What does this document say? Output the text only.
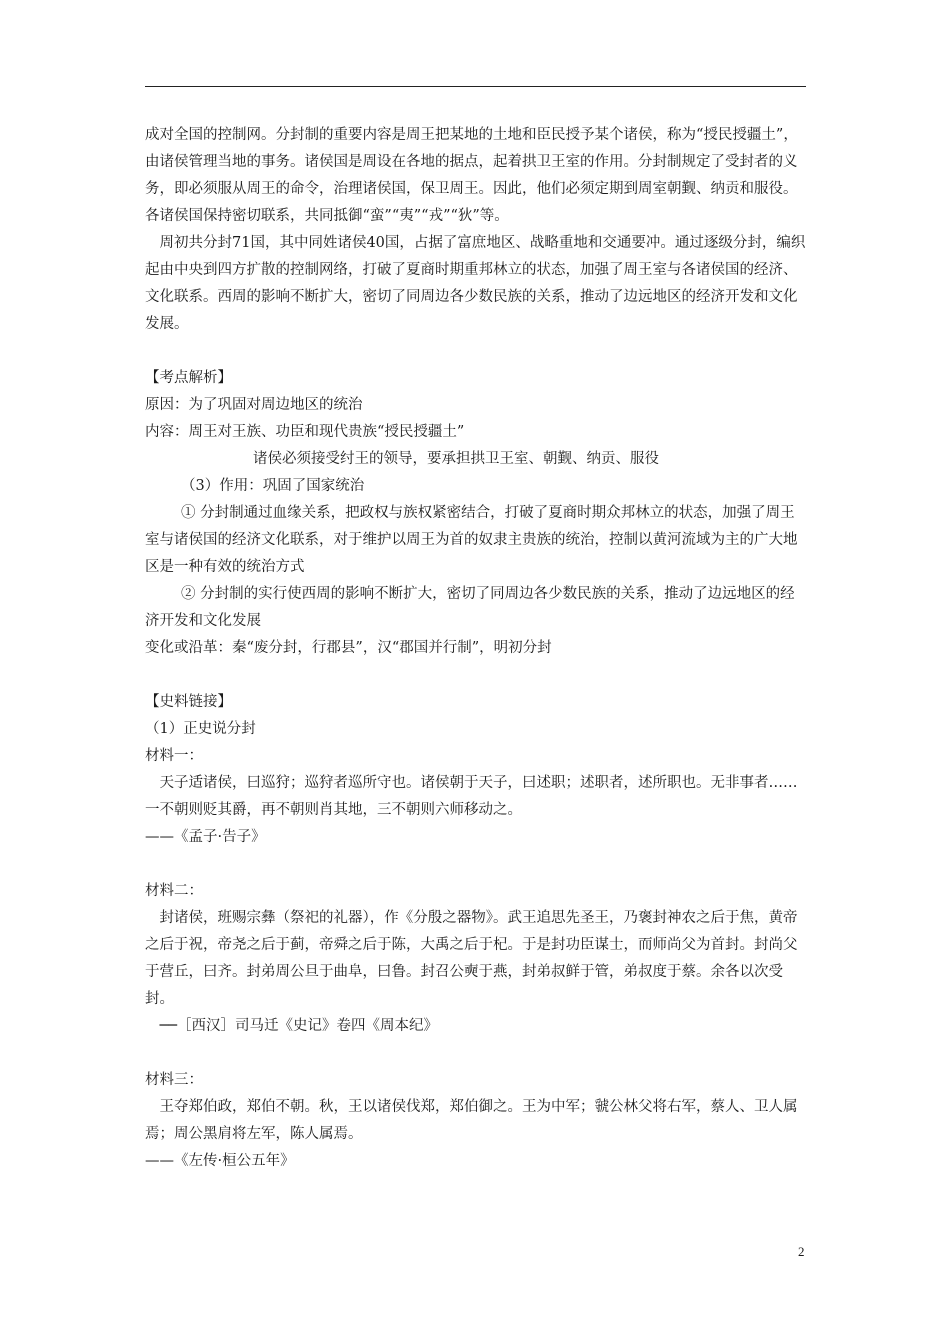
成对全国的控制网。分封制的重要内容是周王把某地的土地和臣民授予某个诸侯，称为“授民授疆土”，由诸侯管理当地的事务。诸侯国是周设在各地的据点，起着拱卫王室的作用。分封制规定了受封者的义务，即必须服从周王的命令，治理诸侯国，保卫周王。因此，他们必须定期到周室朝觐、纳贡和服役。各诸侯国保持密切联系，共同抵御“蛮”“夷”“戎”“狄”等。

　周初共分封71国，其中同姓诸侯40国，占据了富庶地区、战略重地和交通要冲。通过逐级分封，编织起由中央到四方扩散的控制网络，打破了夏商时期重邦林立的状态，加强了周王室与各诸侯国的经济、文化联系。西周的影响不断扩大，密切了同周边各少数民族的关系，推动了边远地区的经济开发和文化发展。

【考点解析】

原因：为了巩固对周边地区的统治

内容：周王对王族、功臣和现代贵族“授民授疆土”

诸侯必须接受纣王的领导，要承担拱卫王室、朝觐、纳贡、服役

（3）作用：巩固了国家统治

① 分封制通过血缘关系，把政权与族权紧密结合，打破了夏商时期众邦林立的状态，加强了周王室与诸侯国的经济文化联系，对于维护以周王为首的奴隶主贵族的统治，控制以黄河流域为主的广大地区是一种有效的统治方式

② 分封制的实行使西周的影响不断扩大，密切了同周边各少数民族的关系，推动了边远地区的经济开发和文化发展

变化或沿革：秦“废分封，行郡县”，汉“郡国并行制”，明初分封

【史料链接】

（1）正史说分封

材料一：

　天子适诸侯，曰巡狩；巡狩者巡所守也。诸侯朝于天子，曰述职；述职者，述所职也。无非事者……一不朝则贬其爵，再不朝则肖其地，三不朝则六师移动之。

——《孟子·告子》

材料二：

　封诸侯，班赐宗彝（祭祀的礼器），作《分殷之器物》。武王追思先圣王，乃褒封神农之后于焦，黄帝之后于祝，帝尧之后于蓟，帝舜之后于陈，大禹之后于杞。于是封功臣谋士，而师尚父为首封。封尚父于营丘，曰齐。封弟周公旦于曲阜，曰鲁。封召公奭于燕，封弟叔鲜于管，弟叔度于蔡。余各以次受封。

　──［西汉］司马迁《史记》卷四《周本纪》

材料三：

　王夺郑伯政，郑伯不朝。秋，王以诸侯伐郑，郑伯御之。王为中军；虢公林父将右军，蔡人、卫人属焉；周公黑肩将左军，陈人属焉。

——《左传·桓公五年》

2
